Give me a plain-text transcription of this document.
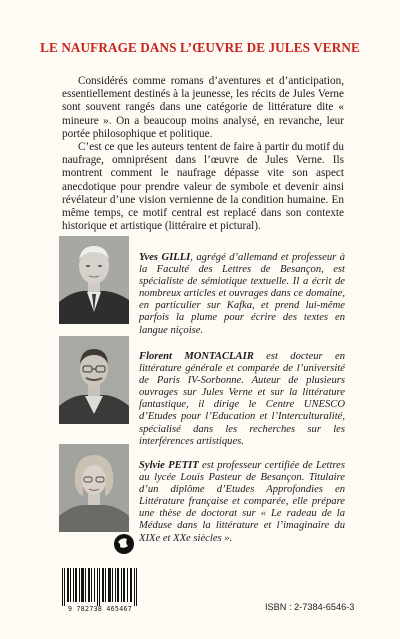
LE NAUFRAGE DANS L’ŒUVRE DE JULES VERNE

Considérés comme romans d’aventures et d’anticipation, essentiellement destinés à la jeunesse, les récits de Jules Verne sont souvent rangés dans une catégorie de littérature dite « mineure ». On a beaucoup moins analysé, en revanche, leur portée philosophique et politique.

C’est ce que les auteurs tentent de faire à partir du motif du naufrage, omniprésent dans l’œuvre de Jules Verne. Ils montrent comment le naufrage dépasse vite son aspect anecdotique pour prendre valeur de symbole et devenir ainsi révélateur d’une vision vernienne de la condition humaine. En même temps, ce motif central est replacé dans son contexte historique et artistique (littéraire et pictural).

Yves GILLI, agrégé d’allemand et professeur à la Faculté des Lettres de Besançon, est spécialiste de sémiotique textuelle. Il a écrit de nombreux articles et ouvrages dans ce domaine, en particulier sur Kafka, et prend lui-même parfois la plume pour écrire des textes en langue niçoise.
Florent MONTACLAIR est docteur en littérature générale et comparée de l’université de Paris IV-Sorbonne. Auteur de plusieurs ouvrages sur Jules Verne et sur la littérature fantastique, il dirige le Centre UNESCO d’Etudes pour l’Education et l’Interculturalité, spécialisé dans les recherches sur les interférences artistiques.
Sylvie PETIT est professeur certifiée de Lettres au lycée Louis Pasteur de Besançon. Titulaire d’un diplôme d’Etudes Approfondies en Littérature française et comparée, elle prépare une thèse de doctorat sur « Le radeau de la Méduse dans la littérature et l’imaginaire du XIXe et XXe siècles ».
9 782738 465467	ISBN : 2-7384-6546-3
